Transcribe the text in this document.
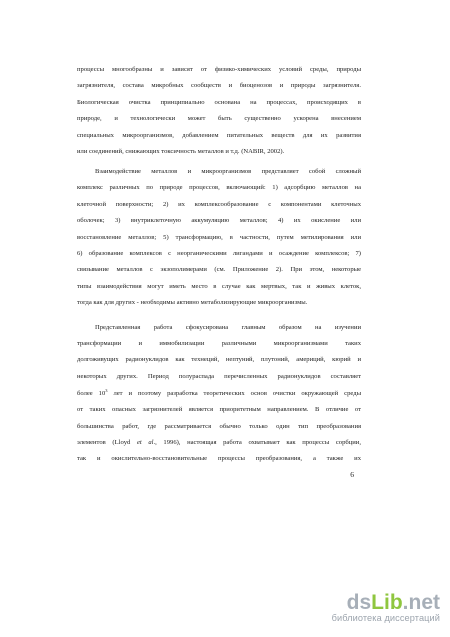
процессы многообразны и зависят от физико-химических условий среды, природы
загрязнителя, состава микробных сообществ и биоценозов и природы загрязнителя.
Биологическая очистка принципиально основана на процессах, происходящих в
природе, и технологически может быть существенно ускорена внесением
специальных микроорганизмов, добавлением питательных веществ для их развития
или соединений, снижающих токсичность металлов и т.д. (NABIR, 2002).
Взаимодействие металлов и микроорганизмов представляет собой сложный
комплекс различных по природе процессов, включающий: 1) адсорбцию металлов на
клеточной поверхности; 2) их комплексообразование с компонентами клеточных
оболочек; 3) внутриклеточную аккумуляцию металлов; 4) их окисление или
восстановление металлов; 5) трансформацию, в частности, путем метилирования или
6) образование комплексов с неорганическими лигандами и осаждение комплексов; 7)
связывание металлов с экзополимерами (см. Приложение 2). При этом, некоторые
типы взаимодействия могут иметь место в случае как мертвых, так и живых клеток,
тогда как для других - необходимы активно метаболизирующие микроорганизмы.
Представленная работа сфокусирована главным образом на изучении
трансформации и иммобилизации различными микроорганизмами таких
долгоживущих радионуклидов как технеций, нептуний, плутоний, америций, кюрий и
некоторых других. Период полураспада перечисленных радионуклидов составляет
более $10^3$ лет и поэтому разработка теоретических основ очистки окружающей среды
от таких опасных загрязнителей является приоритетным направлением. В отличие от
большинства работ, где рассматривается обычно только один тип преобразования
элементов (Lloyd et al., 1996), настоящая работа охватывает как процессы сорбции,
так и окислительно-восстановительные процессы преобразования, а также их
6
dsLib.net
библиотека диссертаций
